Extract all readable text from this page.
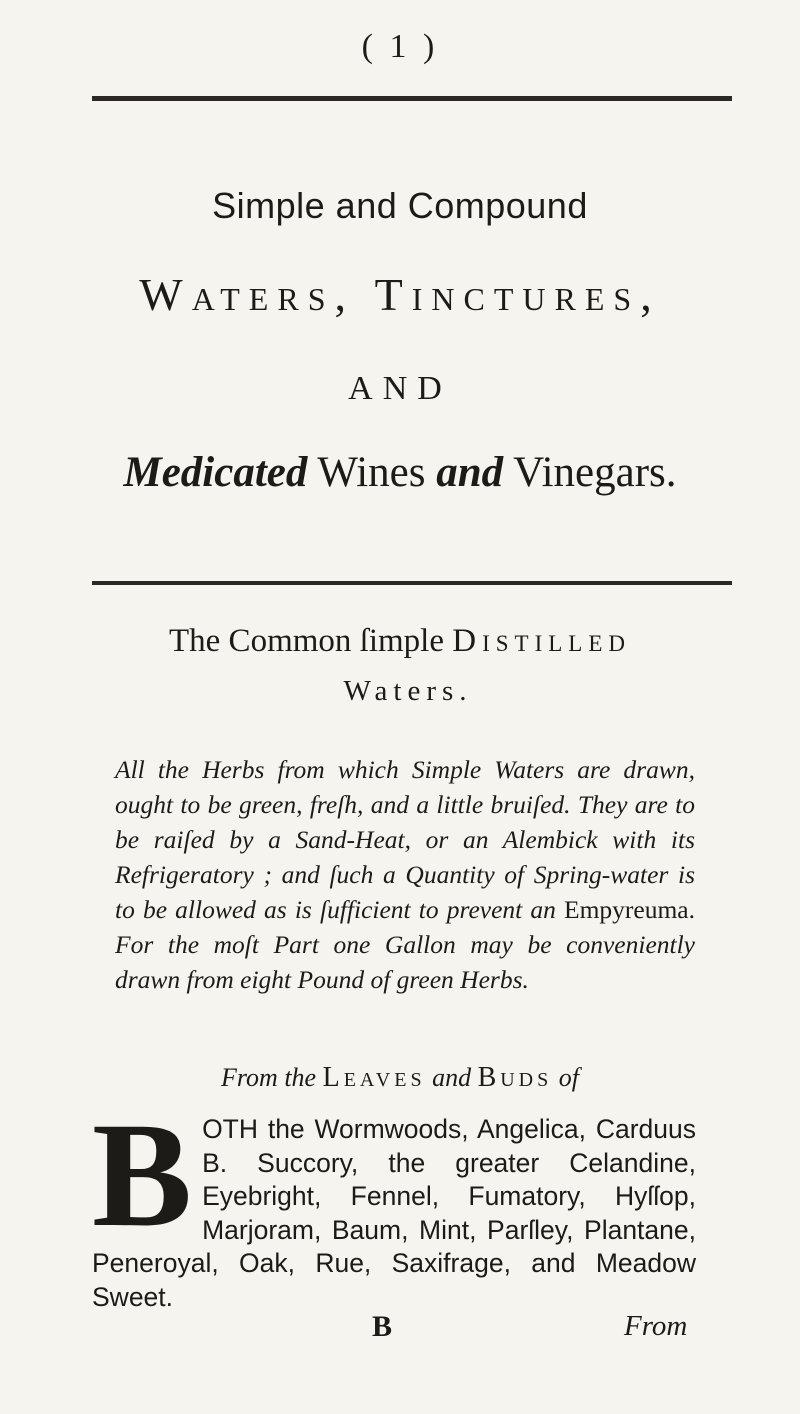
( 1 )
Simple and Compound
Waters, Tinctures,
AND
Medicated Wines and Vinegars.
The Common ſimple Distilled
Waters.
All the Herbs from which Simple Waters are drawn, ought to be green, freſh, and a little bruiſed. They are to be raiſed by a Sand-Heat, or an Alembick with its Refrigeratory ; and ſuch a Quantity of Spring-water is to be allowed as is ſufficient to prevent an Empyreuma. For the moſt Part one Gallon may be conveniently drawn from eight Pound of green Herbs.
From the Leaves and Buds of
BOTH the Wormwoods, Angelica, Carduus B. Succory, the greater Celandine, Eyebright, Fennel, Fumatory, Hyſſop, Marjoram, Baum, Mint, Parſley, Plantane, Peneroyal, Oak, Rue, Saxifrage, and Meadow Sweet.
B	From
